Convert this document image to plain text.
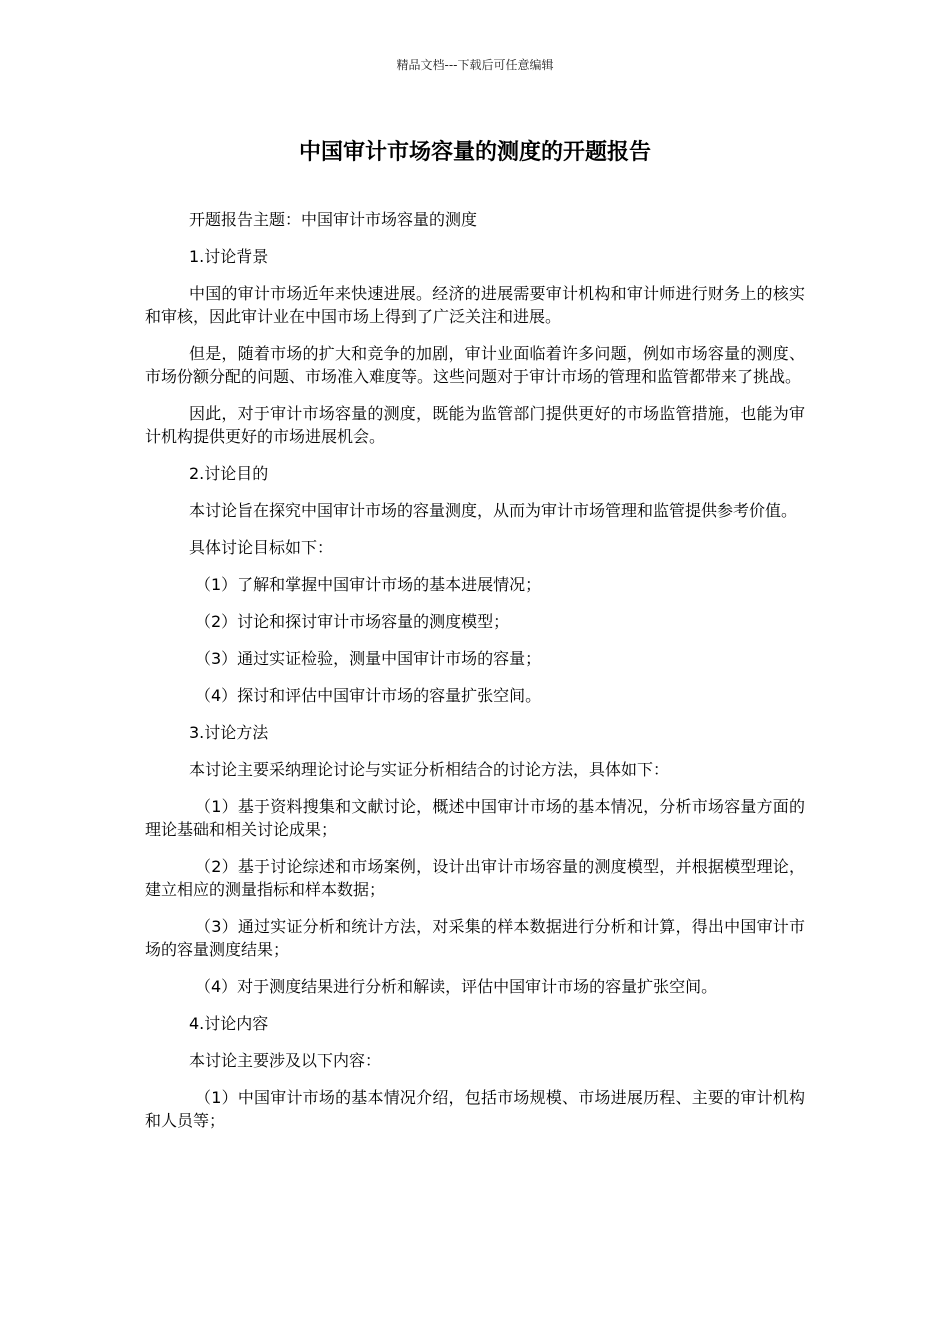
精品文档---下载后可任意编辑
中国审计市场容量的测度的开题报告

开题报告主题：中国审计市场容量的测度

1.讨论背景

中国的审计市场近年来快速进展。经济的进展需要审计机构和审计师进行财务上的核实和审核，因此审计业在中国市场上得到了广泛关注和进展。

但是，随着市场的扩大和竞争的加剧，审计业面临着许多问题，例如市场容量的测度、市场份额分配的问题、市场准入难度等。这些问题对于审计市场的管理和监管都带来了挑战。

因此，对于审计市场容量的测度，既能为监管部门提供更好的市场监管措施，也能为审计机构提供更好的市场进展机会。

2.讨论目的

本讨论旨在探究中国审计市场的容量测度，从而为审计市场管理和监管提供参考价值。

具体讨论目标如下：

（1）了解和掌握中国审计市场的基本进展情况；

（2）讨论和探讨审计市场容量的测度模型；

（3）通过实证检验，测量中国审计市场的容量；

（4）探讨和评估中国审计市场的容量扩张空间。

3.讨论方法

本讨论主要采纳理论讨论与实证分析相结合的讨论方法，具体如下：

（1）基于资料搜集和文献讨论，概述中国审计市场的基本情况，分析市场容量方面的理论基础和相关讨论成果；

（2）基于讨论综述和市场案例，设计出审计市场容量的测度模型，并根据模型理论，建立相应的测量指标和样本数据；

（3）通过实证分析和统计方法，对采集的样本数据进行分析和计算，得出中国审计市场的容量测度结果；

（4）对于测度结果进行分析和解读，评估中国审计市场的容量扩张空间。

4.讨论内容

本讨论主要涉及以下内容：

（1）中国审计市场的基本情况介绍，包括市场规模、市场进展历程、主要的审计机构和人员等；
